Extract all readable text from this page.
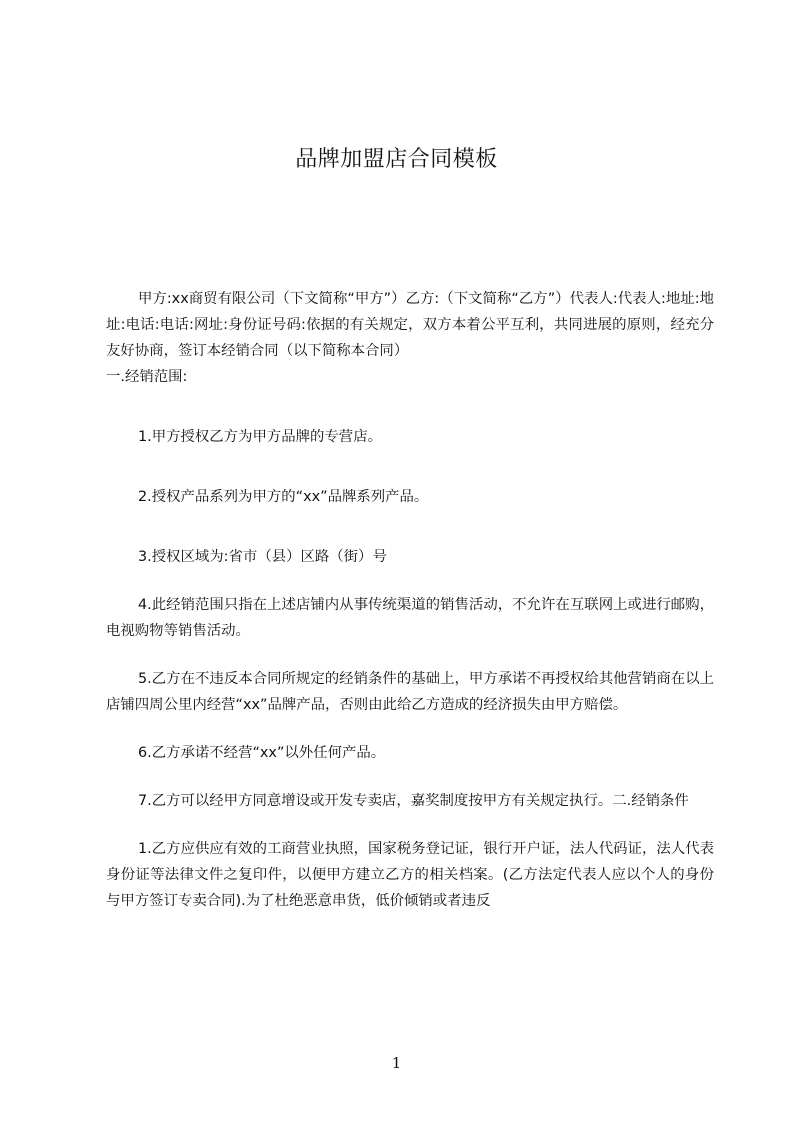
品牌加盟店合同模板

甲方:xx商贸有限公司（下文简称“甲方”）乙方:（下文简称“乙方”）代表人:代表人:地址:地址:电话:电话:网址:身份证号码:依据的有关规定，双方本着公平互利，共同进展的原则，经充分友好协商，签订本经销合同（以下简称本合同）

一.经销范围:

1.甲方授权乙方为甲方品牌的专营店。

2.授权产品系列为甲方的“xx”品牌系列产品。

3.授权区域为:省市（县）区路（街）号

4.此经销范围只指在上述店铺内从事传统渠道的销售活动，不允许在互联网上或进行邮购，电视购物等销售活动。

5.乙方在不违反本合同所规定的经销条件的基础上，甲方承诺不再授权给其他营销商在以上店铺四周公里内经营“xx”品牌产品，否则由此给乙方造成的经济损失由甲方赔偿。

6.乙方承诺不经营“xx”以外任何产品。

7.乙方可以经甲方同意增设或开发专卖店，嘉奖制度按甲方有关规定执行。二.经销条件

1.乙方应供应有效的工商营业执照，国家税务登记证，银行开户证，法人代码证，法人代表身份证等法律文件之复印件，以便甲方建立乙方的相关档案。(乙方法定代表人应以个人的身份与甲方签订专卖合同).为了杜绝恶意串货，低价倾销或者违反

1
